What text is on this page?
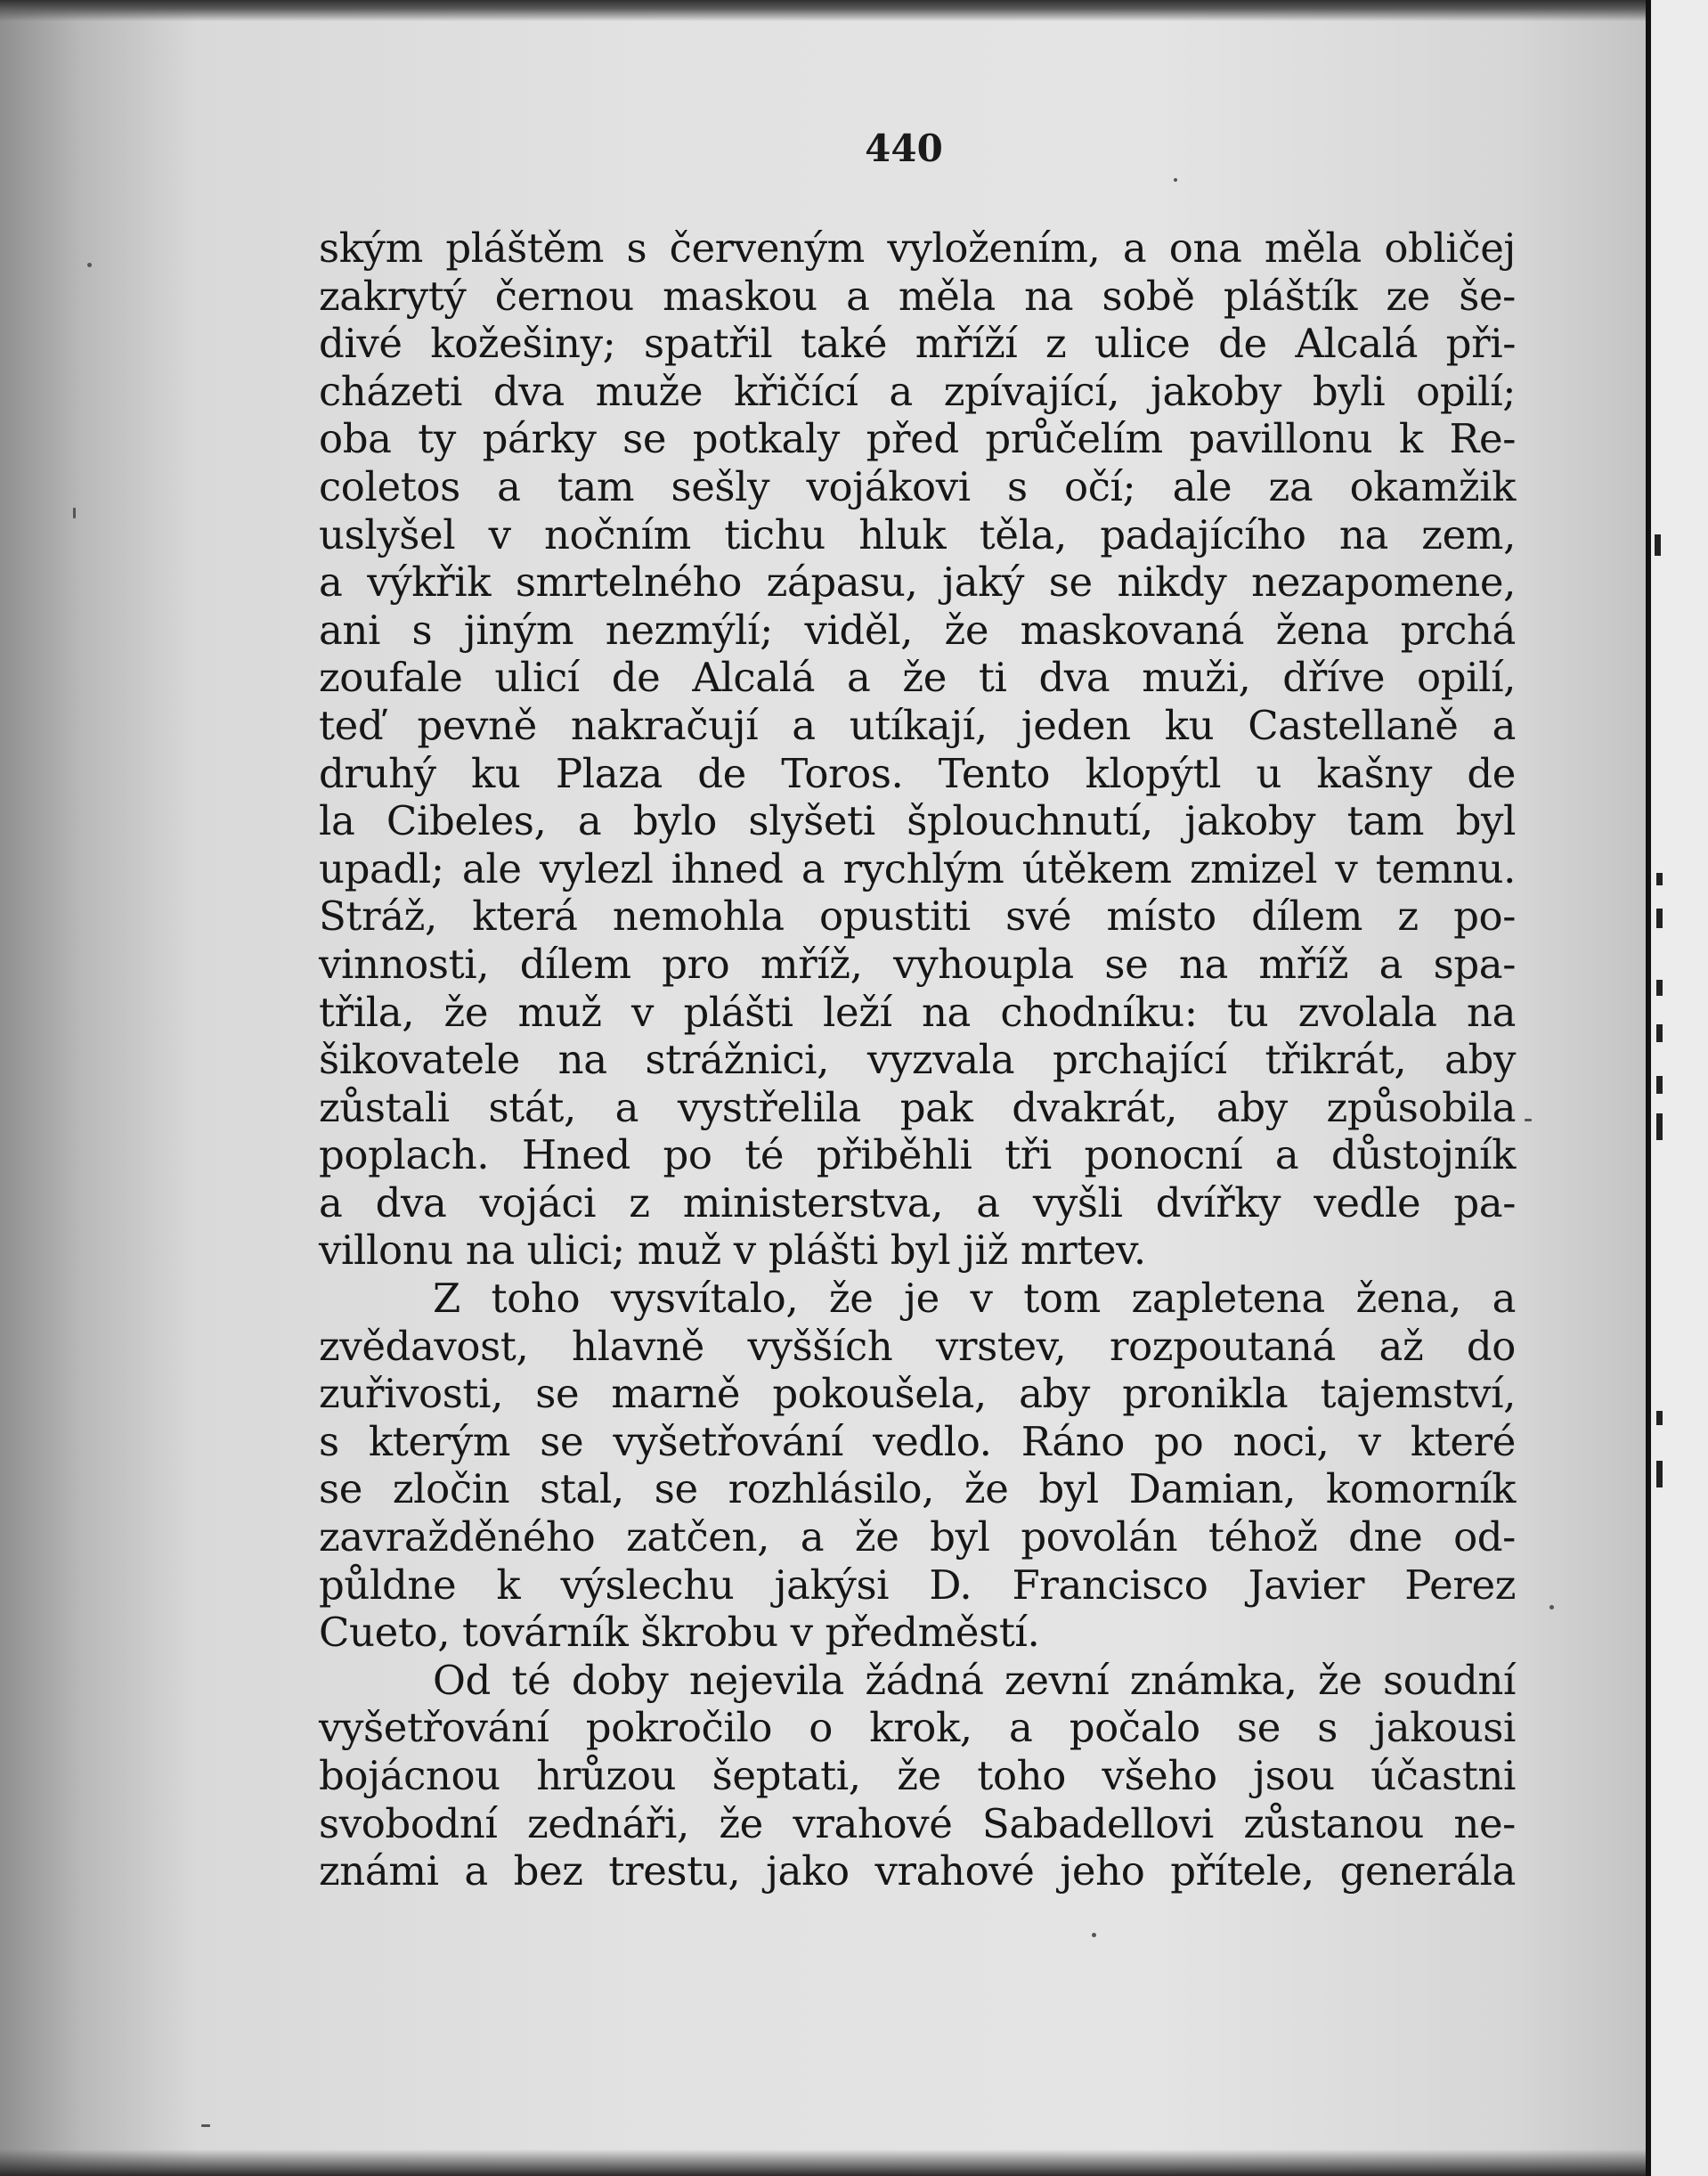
440
ským pláštěm s červeným vyložením, a ona měla obličej
zakrytý černou maskou a měla na sobě pláštík ze še-
divé kožešiny; spatřil také mříží z ulice de Alcalá při-
cházeti dva muže křičící a zpívající, jakoby byli opilí;
oba ty párky se potkaly před průčelím pavillonu k Re-
coletos a tam sešly vojákovi s očí; ale za okamžik
uslyšel v nočním tichu hluk těla, padajícího na zem,
a výkřik smrtelného zápasu, jaký se nikdy nezapomene,
ani s jiným nezmýlí; viděl, že maskovaná žena prchá
zoufale ulicí de Alcalá a že ti dva muži, dříve opilí,
teď pevně nakračují a utíkají, jeden ku Castellaně a
druhý ku Plaza de Toros. Tento klopýtl u kašny de
la Cibeles, a bylo slyšeti šplouchnutí, jakoby tam byl
upadl; ale vylezl ihned a rychlým útěkem zmizel v temnu.
Stráž, která nemohla opustiti své místo dílem z po-
vinnosti, dílem pro mříž, vyhoupla se na mříž a spa-
třila, že muž v plášti leží na chodníku: tu zvolala na
šikovatele na strážnici, vyzvala prchající třikrát, aby
zůstali stát, a vystřelila pak dvakrát, aby způsobila
poplach. Hned po té přiběhli tři ponocní a důstojník
a dva vojáci z ministerstva, a vyšli dvířky vedle pa-
villonu na ulici; muž v plášti byl již mrtev.
Z toho vysvítalo, že je v tom zapletena žena, a
zvědavost, hlavně vyšších vrstev, rozpoutaná až do
zuřivosti, se marně pokoušela, aby pronikla tajemství,
s kterým se vyšetřování vedlo. Ráno po noci, v které
se zločin stal, se rozhlásilo, že byl Damian, komorník
zavražděného zatčen, a že byl povolán téhož dne od-
půldne k výslechu jakýsi D. Francisco Javier Perez
Cueto, továrník škrobu v předměstí.
Od té doby nejevila žádná zevní známka, že soudní
vyšetřování pokročilo o krok, a počalo se s jakousi
bojácnou hrůzou šeptati, že toho všeho jsou účastni
svobodní zednáři, že vrahové Sabadellovi zůstanou ne-
známi a bez trestu, jako vrahové jeho přítele, generála
